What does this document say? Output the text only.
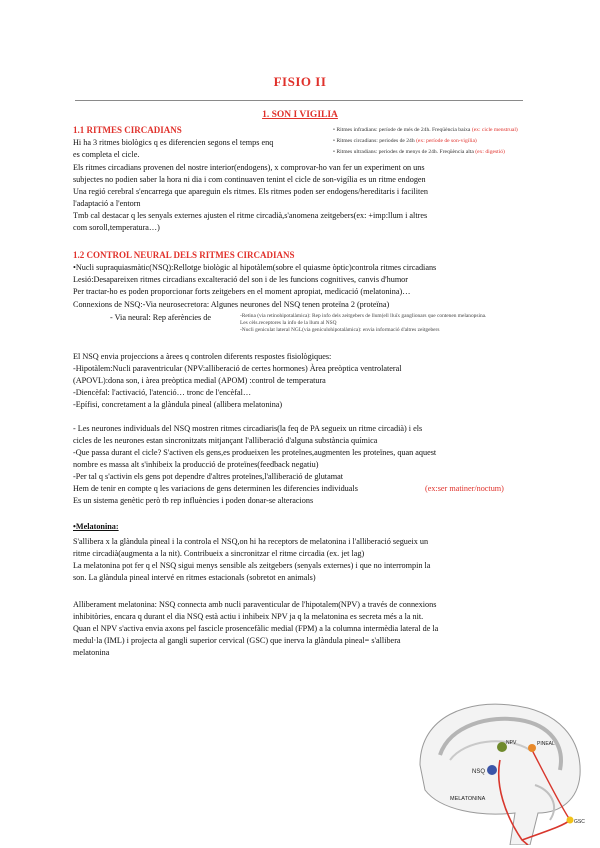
FISIO II
1. SON I VIGILIA
1.1 RITMES CIRCADIANS	• Ritmes infradians: període de més de 24h. Freqüència baixa (ex: cicle menstrual)
• Ritmes circadians: periodes de 24h (ex: període de son-vigília)
• Ritmes ultradians: periodes de menys de 24h. Freqüència alta (ex: digestió)
Hi ha 3 ritmes biològics q es diferencien segons el temps enq
es completa el cicle.
Els ritmes circadians provenen del nostre interior(endogens), x comprovar-ho van fer un experiment on uns
subjectes no podien saber la hora ni dia i com continuaven tenint el cicle de son-vigília es un ritme endogen
Una regió cerebral s'encarrega que apareguin els ritmes. Els ritmes poden ser endogens/hereditaris i faciliten
l'adaptació a l'entorn
Tmb cal destacar q les senyals externes ajusten el ritme circadià,s'anomena zeitgebers(ex: +imp:llum i altres
com soroll,temperatura…)
1.2 CONTROL NEURAL DELS RITMES CIRCADIANS
•Nucli supraquiasmàtic(NSQ):Rellotge biològic al hipotàlem(sobre el quiasme òptic)controla ritmes circadians
Lesió:Desapareixen ritmes circadians excalteració del son i de les funcions cognitives, canvis d'humor
Per tractar-ho es poden proporcionar forts zeitgebers en el moment apropiat, medicació (melatonina)…
Connexions de NSQ:-Via neurosecretora: Algunes neurones del NSQ tenen proteïna 2 (proteïna)
- Via neural: Rep aferències de	-Retina (via retinohipotalàmica): Rep info dels zeitgebers de llum(ell lluïx ganglionars que contenen melanopsina.
Les cèls.receptores la info de la llum al NSQ
-Nucli geniculat lateral NGL(via geniculohipotalàmica): envia informació d'altres zeitgebers
El NSQ envia projeccions a àrees q controlen diferents respostes fisiològiques:
-Hipotàlem:Nucli paraventricular (NPV:alliberació de certes hormones) Àrea preòptica ventrolateral
(APOVL):dona son, i àrea preòptica medial (APOM) :control de temperatura
-Diencèfal: l'activació, l'atenció… tronc de l'encèfal…
-Epífisi, concretament a la glàndula pineal (allibera melatonina)
- Les neurones individuals del NSQ mostren ritmes circadiaris(la feq de PA segueix un ritme circadià) i els
cicles de les neurones estan sincronitzats mitjançant l'alliberació d'alguna substància química
-Que passa durant el cicle? S'activen els gens,es produeixen les proteïnes,augmenten les proteïnes, quan aquest
nombre es massa alt s'inhibeix la producció de proteïnes(feedback negatiu)
-Per tal q s'activin els gens pot dependre d'altres proteïnes,l'alliberació de glutamat
Hem de tenir en compte q les variacions de gens determinen les diferencies individuals	(ex:ser matiner/noctum)
Es un sistema genètic però tb rep influències i poden donar-se alteracions
•Melatonina:
S'allibera x la glàndula pineal i la controla el NSQ,on hi ha receptors de melatonina i l'alliberació segueix un
ritme circadià(augmenta a la nit). Contribueix a sincronitzar el ritme circadia (ex. jet lag)
La melatonina pot fer q el NSQ sigui menys sensible als zeitgebers (senyals externes) i que no interrompin la
son. La glàndula pineal intervé en ritmes estacionals (sobretot en animals)
Alliberament melatonina: NSQ connecta amb nucli paraventicular de l'hipotalem(NPV) a través de connexions
inhibitòries, encara q durant el dia NSQ està actiu i inhibeix NPV ja q la melatonina es secreta més a la nit.
Quan el NPV s'activa envia axons pel fascicle prosencefàlic medial (FPM) a la columna intermèdia lateral de la
medul·la (IML) i projecta al gangli superior cervical (GSC) que inerva la glàndula pineal= s'allibera
melatonina
NSQ
NPV	PINEAL
MELATONINA
GSC
